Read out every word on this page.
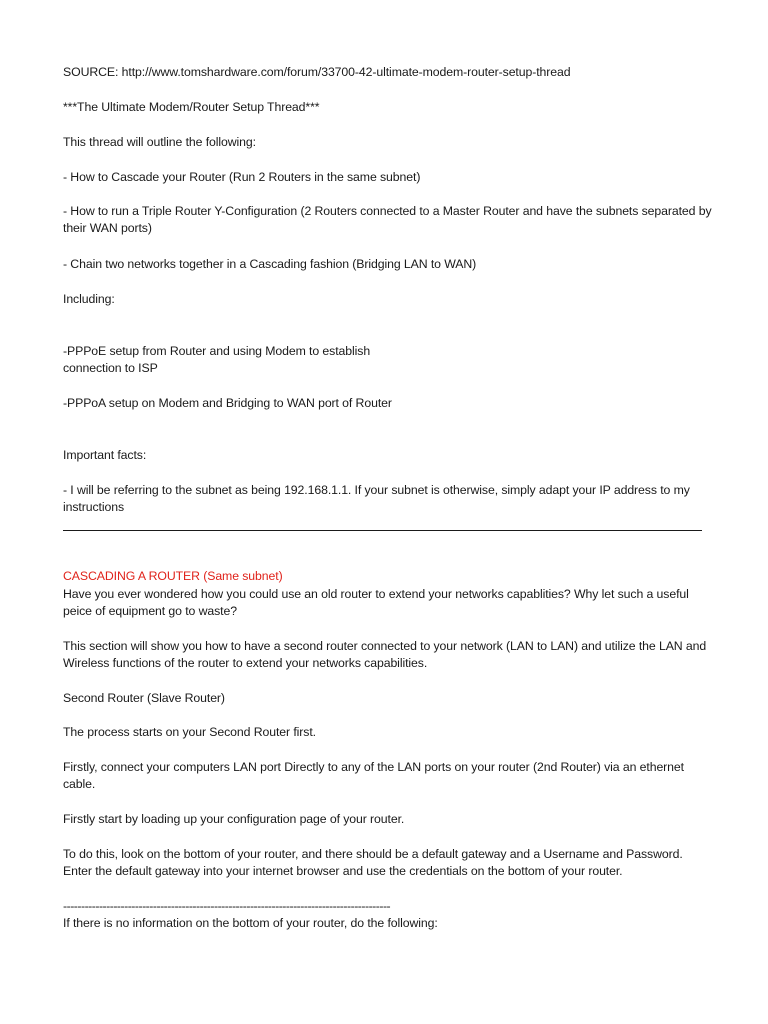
SOURCE: http://www.tomshardware.com/forum/33700-42-ultimate-modem-router-setup-thread
***The Ultimate Modem/Router Setup Thread***
This thread will outline the following:
- How to Cascade your Router (Run 2 Routers in the same subnet)
- How to run a Triple Router Y-Configuration (2 Routers connected to a Master Router and have the subnets separated by their WAN ports)
- Chain two networks together in a Cascading fashion (Bridging LAN to WAN)
Including:
-PPPoE setup from Router and using Modem to establish
connection to ISP
-PPPoA setup on Modem and Bridging to WAN port of Router
Important facts:
- I will be referring to the subnet as being 192.168.1.1. If your subnet is otherwise, simply adapt your IP address to my instructions
CASCADING A ROUTER (Same subnet)
Have you ever wondered how you could use an old router to extend your networks capablities? Why let such a useful peice of equipment go to waste?
This section will show you how to have a second router connected to your network (LAN to LAN) and utilize the LAN and Wireless functions of the router to extend your networks capabilities.
Second Router (Slave Router)
The process starts on your Second Router first.
Firstly, connect your computers LAN port Directly to any of the LAN ports on your router (2nd Router) via an ethernet cable.
Firstly start by loading up your configuration page of your router.
To do this, look on the bottom of your router, and there should be a default gateway and a Username and Password. Enter the default gateway into your internet browser and use the credentials on the bottom of your router.
-------------------------------------------------------------------------------------------
If there is no information on the bottom of your router, do the following:
